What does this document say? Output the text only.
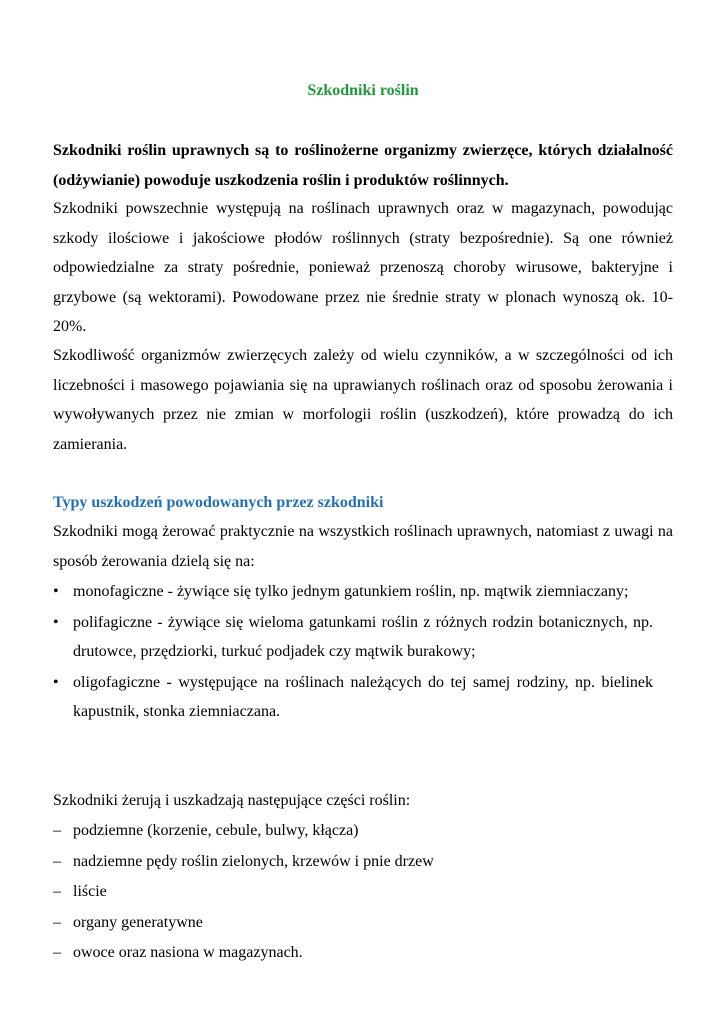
Szkodniki roślin

Szkodniki roślin uprawnych są to roślinożerne organizmy zwierzęce, których działalność (odżywianie) powoduje uszkodzenia roślin i produktów roślinnych.

Szkodniki powszechnie występują na roślinach uprawnych oraz w magazynach, powodując szkody ilościowe i jakościowe płodów roślinnych (straty bezpośrednie). Są one również odpowiedzialne za straty pośrednie, ponieważ przenoszą choroby wirusowe, bakteryjne i grzybowe (są wektorami). Powodowane przez nie średnie straty w plonach wynoszą ok. 10-20%.

Szkodliwość organizmów zwierzęcych zależy od wielu czynników, a w szczególności od ich liczebności i masowego pojawiania się na uprawianych roślinach oraz od sposobu żerowania i wywoływanych przez nie zmian w morfologii roślin (uszkodzeń), które prowadzą do ich zamierania.

Typy uszkodzeń powodowanych przez szkodniki

Szkodniki mogą żerować praktycznie na wszystkich roślinach uprawnych, natomiast z uwagi na sposób żerowania dzielą się na:

• monofagiczne - żywiące się tylko jednym gatunkiem roślin, np. mątwik ziemniaczany;
• polifagiczne - żywiące się wieloma gatunkami roślin z różnych rodzin botanicznych, np. drutowce, przędziorki, turkuć podjadek czy mątwik burakowy;
• oligofagiczne - występujące na roślinach należących do tej samej rodziny, np. bielinek kapustnik, stonka ziemniaczana.

Szkodniki żerują i uszkadzają następujące części roślin:

– podziemne (korzenie, cebule, bulwy, kłącza)
– nadziemne pędy roślin zielonych, krzewów i pnie drzew
– liście
– organy generatywne
– owoce oraz nasiona w magazynach.
